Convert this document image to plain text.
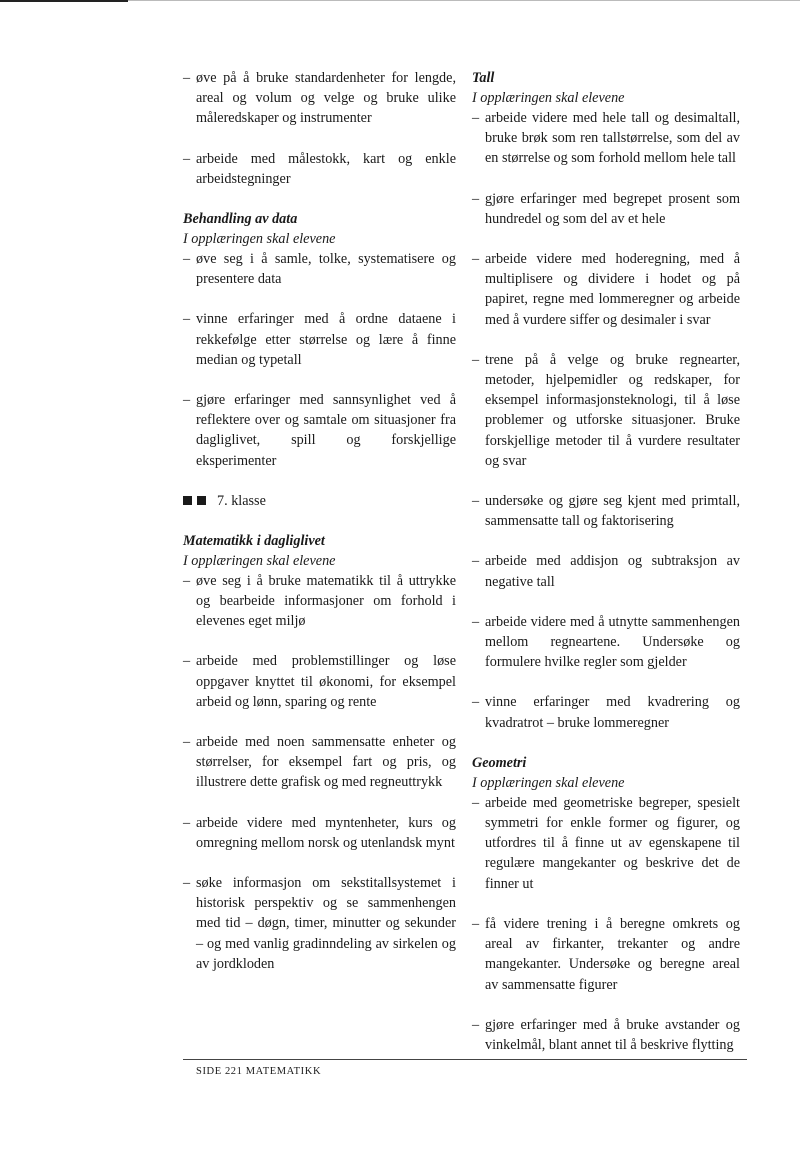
– øve på å bruke standardenheter for lengde, areal og volum og velge og bruke ulike måleredskaper og instrumenter
– arbeide med målestokk, kart og enkle arbeidstegninger
Behandling av data
I opplæringen skal elevene
– øve seg i å samle, tolke, systematisere og presentere data
– vinne erfaringer med å ordne dataene i rekkefølge etter størrelse og lære å finne median og typetall
– gjøre erfaringer med sannsynlighet ved å reflektere over og samtale om situasjoner fra dagliglivet, spill og forskjellige eksperimenter
7. klasse
Matematikk i dagliglivet
I opplæringen skal elevene
– øve seg i å bruke matematikk til å uttrykke og bearbeide informasjoner om forhold i elevenes eget miljø
– arbeide med problemstillinger og løse oppgaver knyttet til økonomi, for eksempel arbeid og lønn, sparing og rente
– arbeide med noen sammensatte enheter og størrelser, for eksempel fart og pris, og illustrere dette grafisk og med regneuttrykk
– arbeide videre med myntenheter, kurs og omregning mellom norsk og utenlandsk mynt
– søke informasjon om sekstitallsystemet i historisk perspektiv og se sammenhengen med tid – døgn, timer, minutter og sekunder – og med vanlig gradinndeling av sirkelen og av jordkloden
Tall
I opplæringen skal elevene
– arbeide videre med hele tall og desimaltall, bruke brøk som ren tallstørrelse, som del av en størrelse og som forhold mellom hele tall
– gjøre erfaringer med begrepet prosent som hundredel og som del av et hele
– arbeide videre med hoderegning, med å multiplisere og dividere i hodet og på papiret, regne med lommeregner og arbeide med å vurdere siffer og desimaler i svar
– trene på å velge og bruke regnearter, metoder, hjelpemidler og redskaper, for eksempel informasjonsteknologi, til å løse problemer og utforske situasjoner. Bruke forskjellige metoder til å vurdere resultater og svar
– undersøke og gjøre seg kjent med primtall, sammensatte tall og faktorisering
– arbeide med addisjon og subtraksjon av negative tall
– arbeide videre med å utnytte sammenhengen mellom regneartene. Undersøke og formulere hvilke regler som gjelder
– vinne erfaringer med kvadrering og kvadratrot – bruke lommeregner
Geometri
I opplæringen skal elevene
– arbeide med geometriske begreper, spesielt symmetri for enkle former og figurer, og utfordres til å finne ut av egenskapene til regulære mangekanter og beskrive det de finner ut
– få videre trening i å beregne omkrets og areal av firkanter, trekanter og andre mangekanter. Undersøke og beregne areal av sammensatte figurer
– gjøre erfaringer med å bruke avstander og vinkelmål, blant annet til å beskrive flytting
SIDE 221 MATEMATIKK
